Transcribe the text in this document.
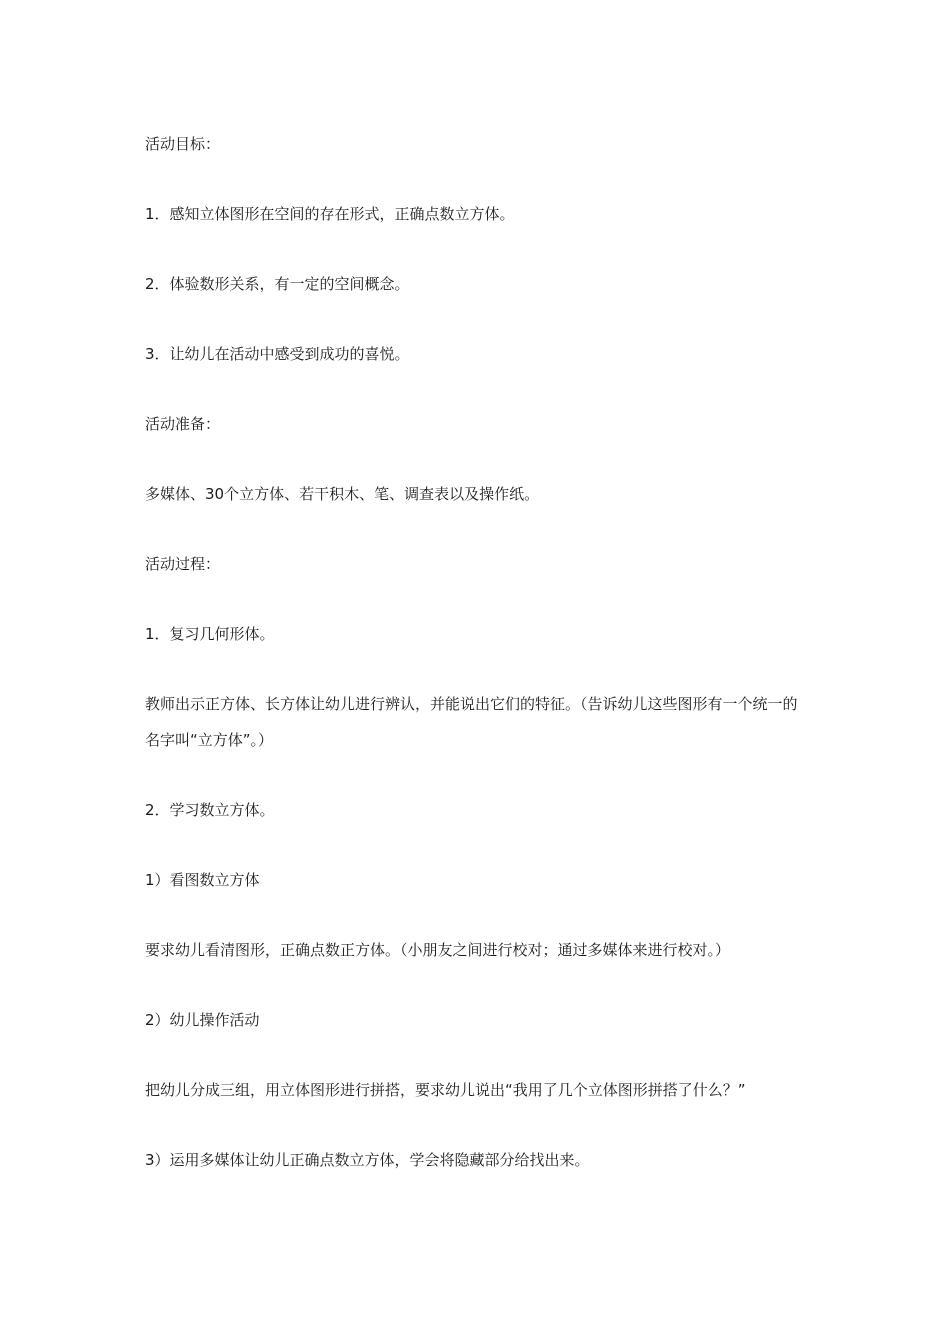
活动目标：

1．感知立体图形在空间的存在形式，正确点数立方体。

2．体验数形关系，有一定的空间概念。

3．让幼儿在活动中感受到成功的喜悦。

活动准备：

多媒体、30个立方体、若干积木、笔、调查表以及操作纸。

活动过程：

1．复习几何形体。

教师出示正方体、长方体让幼儿进行辨认，并能说出它们的特征。（告诉幼儿这些图形有一个统一的名字叫“立方体”。）

2．学习数立方体。

1）看图数立方体

要求幼儿看清图形，正确点数正方体。（小朋友之间进行校对；通过多媒体来进行校对。）

2）幼儿操作活动

把幼儿分成三组，用立体图形进行拼搭，要求幼儿说出“我用了几个立体图形拼搭了什么？”

3）运用多媒体让幼儿正确点数立方体，学会将隐藏部分给找出来。
